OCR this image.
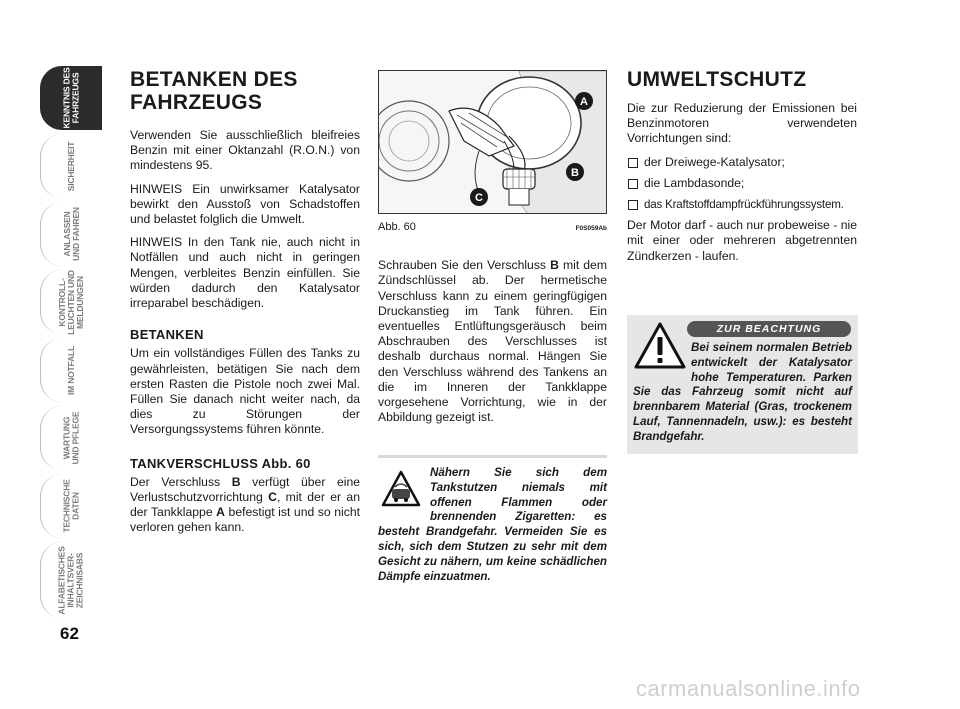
KENNTNIS DES
FAHRZEUGS
SICHERHEIT
ANLASSEN
UND FAHREN
KONTROLL-
LEUCHTEN UND
MELDUNGEN
IM NOTFALL
WARTUNG
UND PFLEGE
TECHNISCHE
DATEN
ALFABETISCHES
INHALTSVER-
ZEICHNISABS
62
BETANKEN DES FAHRZEUGS

Verwenden Sie ausschließlich bleifreies Benzin mit einer Oktanzahl (R.O.N.) von mindestens 95.

HINWEIS Ein unwirksamer Katalysator bewirkt den Ausstoß von Schadstoffen und belastet folglich die Umwelt.

HINWEIS In den Tank nie, auch nicht in Notfällen und auch nicht in geringen Mengen, verbleites Benzin einfüllen. Sie würden dadurch den Katalysator irreparabel beschädigen.

BETANKEN

Um ein vollständiges Füllen des Tanks zu gewährleisten, betätigen Sie nach dem ersten Rasten die Pistole noch zwei Mal. Füllen Sie danach nicht weiter nach, da dies zu Störungen der Versorgungssystems führen könnte.

TANKVERSCHLUSS Abb. 60

Der Verschluss B verfügt über eine Verlustschutzvorrichtung C, mit der er an der Tankklappe A befestigt ist und so nicht verloren gehen kann.

A
B
C
Abb. 60	F0S059Ab

Schrauben Sie den Verschluss B mit dem Zündschlüssel ab. Der hermetische Verschluss kann zu einem geringfügigen Druckanstieg im Tank führen. Ein eventuelles Entlüftungsgeräusch beim Abschrauben des Verschlusses ist deshalb durchaus normal. Hängen Sie den Verschluss während des Tankens an die im Inneren der Tankklappe vorgesehene Vorrichtung, wie in der Abbildung gezeigt ist.

Nähern Sie sich dem Tankstutzen niemals mit offenen Flammen oder brennenden Zigaretten: es besteht Brandgefahr. Vermeiden Sie es sich, sich dem Stutzen zu sehr mit dem Gesicht zu nähern, um keine schädlichen Dämpfe einzuatmen.

UMWELTSCHUTZ

Die zur Reduzierung der Emissionen bei Benzinmotoren verwendeten Vorrichtungen sind:

der Dreiwege-Katalysator;
die Lambdasonde;
das Kraftstoffdampfrückführungssystem.

Der Motor darf - auch nur probeweise - nie mit einer oder mehreren abgetrennten Zündkerzen - laufen.

ZUR BEACHTUNG
Bei seinem normalen Betrieb entwickelt der Katalysator hohe Temperaturen. Parken Sie das Fahrzeug somit nicht auf brennbarem Material (Gras, trockenem Lauf, Tannennadeln, usw.): es besteht Brandgefahr.
carmanualsonline.info
